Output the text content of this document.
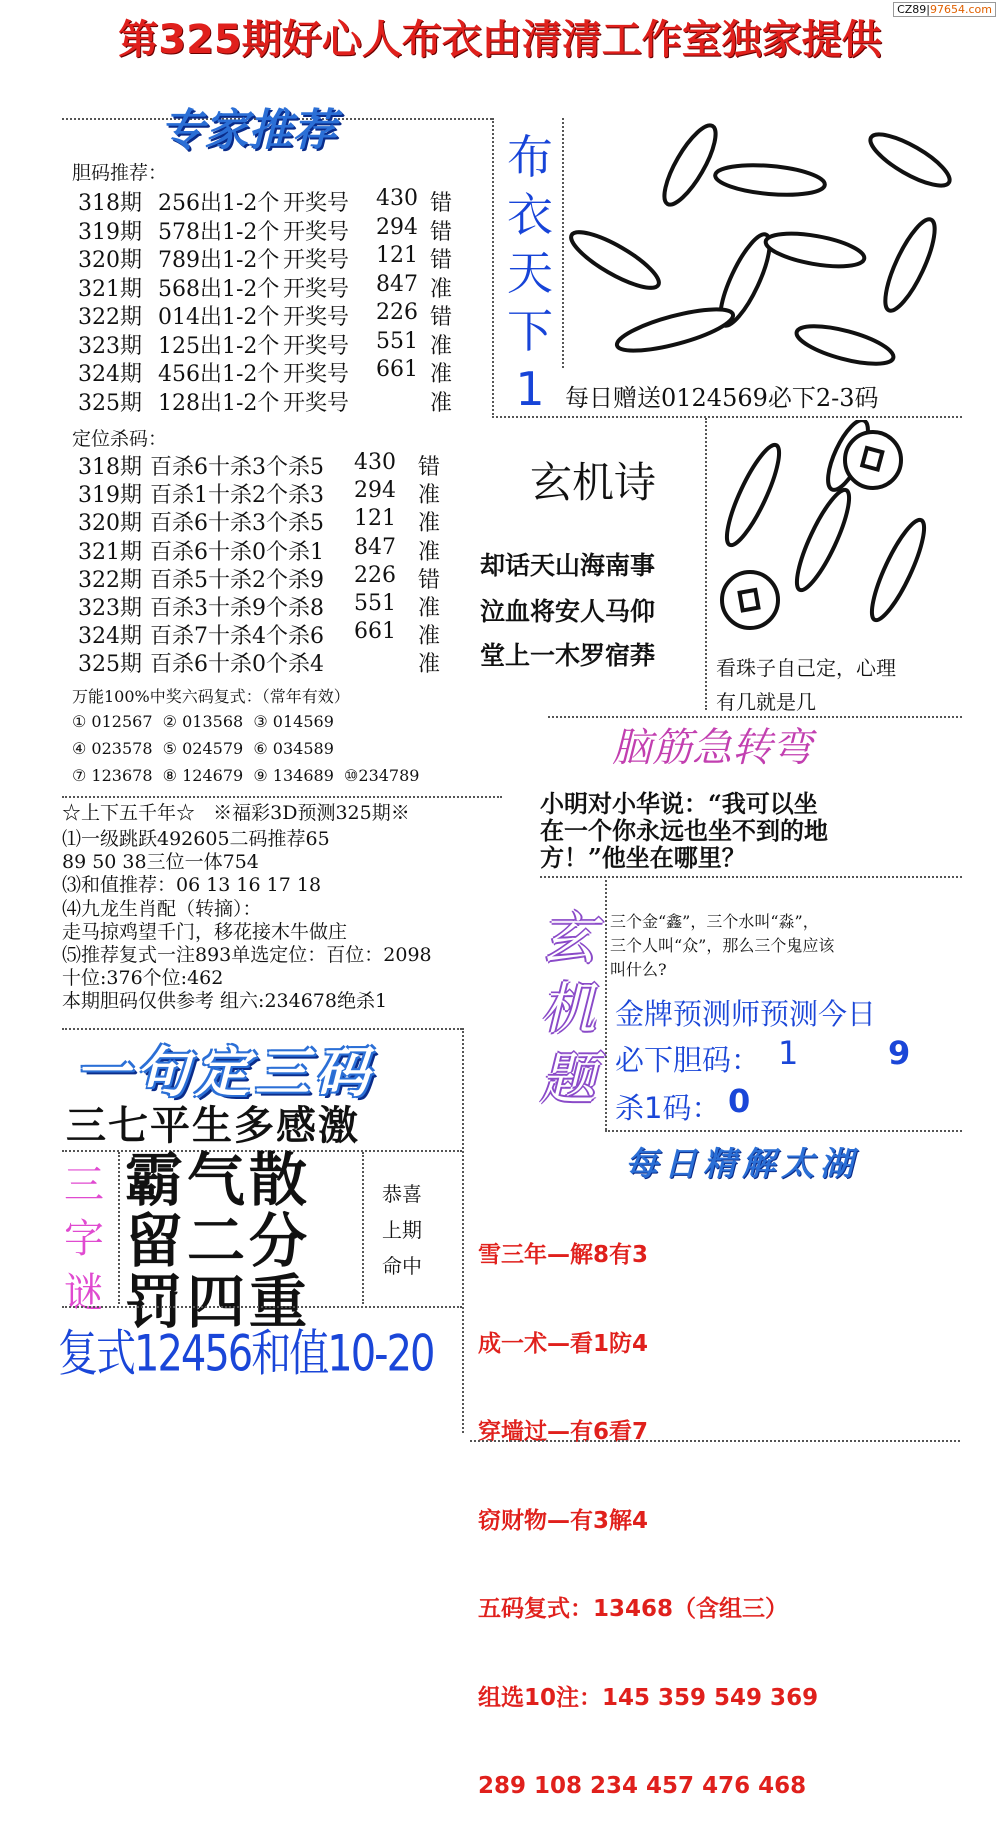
CZ89|97654.com
第325期好心人布衣由清清工作室独家提供
专家推荐
胆码推荐：
318期 256出1-2个 开奖号 430 错
319期 578出1-2个 开奖号 294 错
320期 789出1-2个 开奖号 121 错
321期 568出1-2个 开奖号 847 准
322期 014出1-2个 开奖号 226 错
323期 125出1-2个 开奖号 551 准
324期 456出1-2个 开奖号 661 准
325期 128出1-2个 开奖号	准
定位杀码：
318期 百杀6十杀3个杀5 430 错
319期 百杀1十杀2个杀3 294 准
320期 百杀6十杀3个杀5 121 准
321期 百杀6十杀0个杀1 847 准
322期 百杀5十杀2个杀9 226 错
323期 百杀3十杀9个杀8 551 准
324期 百杀7十杀4个杀6 661 准
325期 百杀6十杀0个杀4	准
万能100%中奖六码复式：（常年有效）
① 012567  ② 013568  ③ 014569
④ 023578  ⑤ 024579  ⑥ 034589
⑦ 123678  ⑧ 124679  ⑨ 134689  ⑩234789
☆上下五千年☆   ※福彩3D预测325期※
⑴一级跳跃492605二码推荐65
89 50 38三位一体754
⑶和值推荐：06 13 16 17 18
⑷九龙生肖配（转摘）：
走马掠鸡望千门，移花接木牛做庄
⑸推荐复式一注893单选定位：百位：2098
十位:376个位:462
本期胆码仅供参考 组六:234678绝杀1
布
衣
天
下
1 每日赠送0124569必下2-3码
玄机诗
却话天山海南事
泣血将安人马仰
堂上一木罗宿莽	看珠子自己定，心理
有几就是几
脑筋急转弯
小明对小华说：“我可以坐
在一个你永远也坐不到的地
方！”他坐在哪里？
玄
机
题
三个金“鑫”，三个水叫“淼”，
三个人叫“众”，那么三个鬼应该
叫什么?
金牌预测师预测今日
必下胆码： 1	9
杀1码： 0
一句定三码
三七平生多感激
三
字
谜
霸气散
留二分
罚四重
恭喜
上期
命中
复式12456和值10-20
每日精解太湖

雪三年—解8有3

成一术—看1防4

穿墙过—有6看7

窃财物—有3解4

五码复式：13468（含组三）

组选10注：145 359 549 369

289 108 234 457 476 468
